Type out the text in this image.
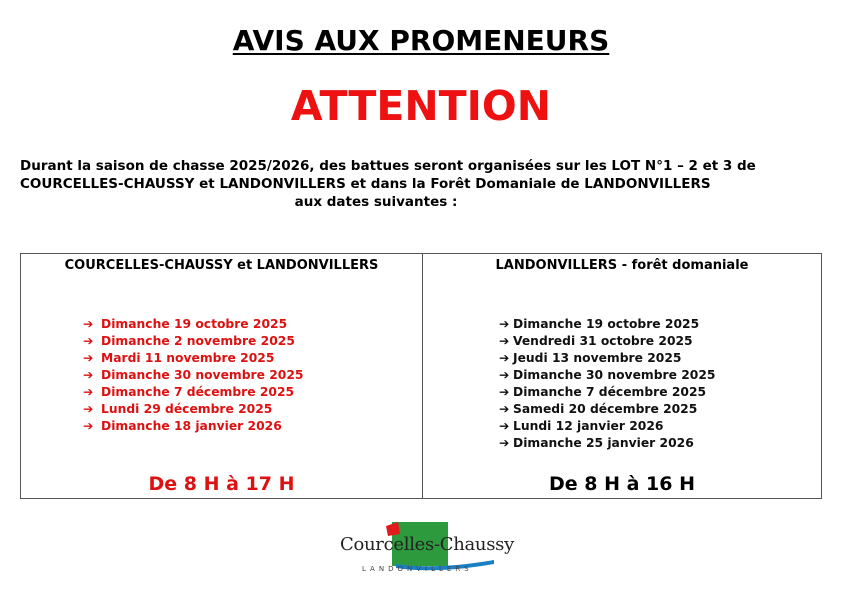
AVIS AUX PROMENEURS
ATTENTION
Durant la saison de chasse 2025/2026, des battues seront organisées sur les LOT N°1 – 2 et 3 de
COURCELLES-CHAUSSY et LANDONVILLERS et dans la Forêt Domaniale de LANDONVILLERS
aux dates suivantes :
COURCELLES-CHAUSSY et LANDONVILLERS
➔ Dimanche 19 octobre 2025
➔ Dimanche 2 novembre 2025
➔ Mardi 11 novembre 2025
➔ Dimanche 30 novembre 2025
➔ Dimanche 7 décembre 2025
➔ Lundi 29 décembre 2025
➔ Dimanche 18 janvier 2026
De 8 H à 17 H
LANDONVILLERS - forêt domaniale
➔ Dimanche 19 octobre 2025
➔ Vendredi 31 octobre 2025
➔ Jeudi 13 novembre 2025
➔ Dimanche 30 novembre 2025
➔ Dimanche 7 décembre 2025
➔ Samedi 20 décembre 2025
➔ Lundi 12 janvier 2026
➔ Dimanche 25 janvier 2026
De 8 H à 16 H
Courcelles-Chaussy
LANDONVILLERS
